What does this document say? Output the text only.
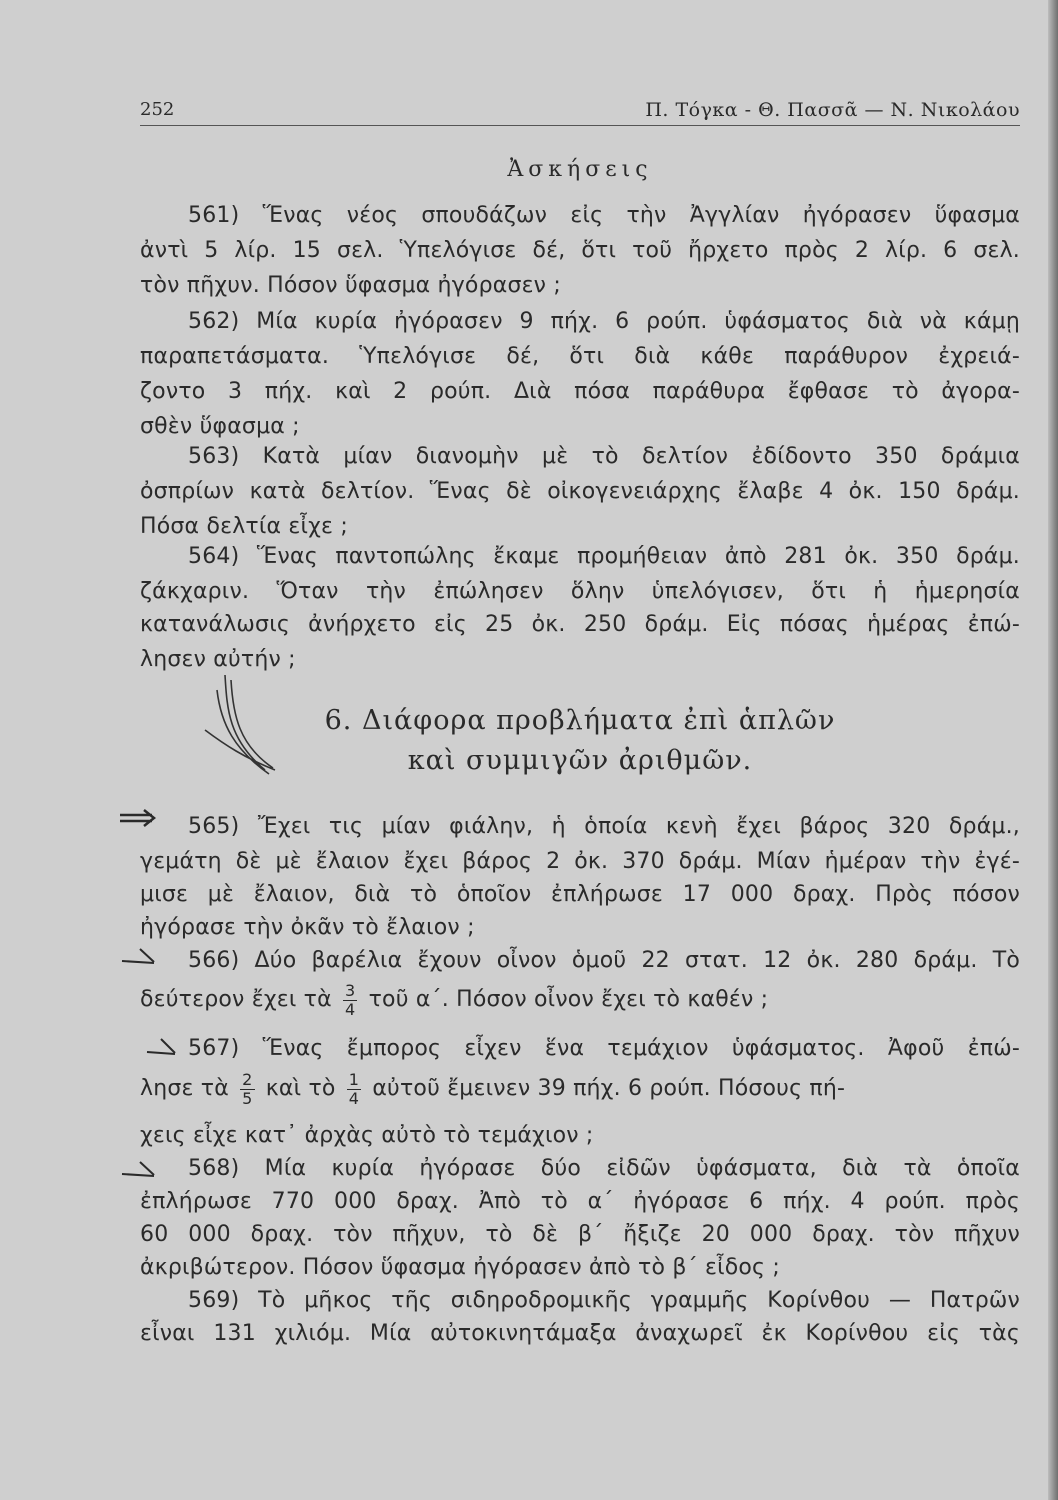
252	Π. Τόγκα - Θ. Πασσᾶ — Ν. Νικολάου
Ἀσκήσεις
561) Ἕνας νέος σπουδάζων εἰς τὴν Ἀγγλίαν ἠγόρασεν ὕφασμα
ἀντὶ 5 λίρ. 15 σελ. Ὑπελόγισε δέ, ὅτι τοῦ ἤρχετο πρὸς 2 λίρ. 6 σελ.
τὸν πῆχυν. Πόσον ὕφασμα ἠγόρασεν ;
562) Μία κυρία ἠγόρασεν 9 πήχ. 6 ρούπ. ὑφάσματος διὰ νὰ κάμῃ
παραπετάσματα. Ὑπελόγισε δέ, ὅτι διὰ κάθε παράθυρον ἐχρειά-
ζοντο 3 πήχ. καὶ 2 ρούπ. Διὰ πόσα παράθυρα ἔφθασε τὸ ἀγορα-
σθὲν ὕφασμα ;
563) Κατὰ μίαν διανομὴν μὲ τὸ δελτίον ἐδίδοντο 350 δράμια
ὀσπρίων κατὰ δελτίον. Ἕνας δὲ οἰκογενειάρχης ἔλαβε 4 ὀκ. 150 δράμ.
Πόσα δελτία εἶχε ;
564) Ἕνας παντοπώλης ἔκαμε προμήθειαν ἀπὸ 281 ὀκ. 350 δράμ.
ζάκχαριν. Ὅταν τὴν ἐπώλησεν ὅλην ὑπελόγισεν, ὅτι ἡ ἡμερησία
κατανάλωσις ἀνήρχετο εἰς 25 ὀκ. 250 δράμ. Εἰς πόσας ἡμέρας ἐπώ-
λησεν αὐτήν ;
6. Διάφορα προβλήματα ἐπὶ ἁπλῶν
καὶ συμμιγῶν ἀριθμῶν.
565) Ἔχει τις μίαν φιάλην, ἡ ὁποία κενὴ ἔχει βάρος 320 δράμ.,
γεμάτη δὲ μὲ ἔλαιον ἔχει βάρος 2 ὀκ. 370 δράμ. Μίαν ἡμέραν τὴν ἐγέ-
μισε μὲ ἔλαιον, διὰ τὸ ὁποῖον ἐπλήρωσε 17 000 δραχ. Πρὸς πόσον
ἠγόρασε τὴν ὀκᾶν τὸ ἔλαιον ;
566) Δύο βαρέλια ἔχουν οἶνον ὁμοῦ 22 στατ. 12 ὀκ. 280 δράμ. Τὸ
δεύτερον ἔχει τὰ $\frac{3}{4}$ τοῦ α΄. Πόσον οἶνον ἔχει τὸ καθέν ;
567) Ἕνας ἔμπορος εἶχεν ἕνα τεμάχιον ὑφάσματος. Ἀφοῦ ἐπώ-
λησε τὰ $\frac{2}{5}$ καὶ τὸ $\frac{1}{4}$ αὐτοῦ ἔμεινεν 39 πήχ. 6 ρούπ. Πόσους πή-
χεις εἶχε κατ᾽ ἀρχὰς αὐτὸ τὸ τεμάχιον ;
568) Μία κυρία ἠγόρασε δύο εἰδῶν ὑφάσματα, διὰ τὰ ὁποῖα
ἐπλήρωσε 770 000 δραχ. Ἀπὸ τὸ α΄ ἠγόρασε 6 πήχ. 4 ρούπ. πρὸς
60 000 δραχ. τὸν πῆχυν, τὸ δὲ β΄ ἤξιζε 20 000 δραχ. τὸν πῆχυν
ἀκριβώτερον. Πόσον ὕφασμα ἠγόρασεν ἀπὸ τὸ β΄ εἶδος ;
569) Τὸ μῆκος τῆς σιδηροδρομικῆς γραμμῆς Κορίνθου — Πατρῶν
εἶναι 131 χιλιόμ. Μία αὐτοκινητάμαξα ἀναχωρεῖ ἐκ Κορίνθου εἰς τὰς
